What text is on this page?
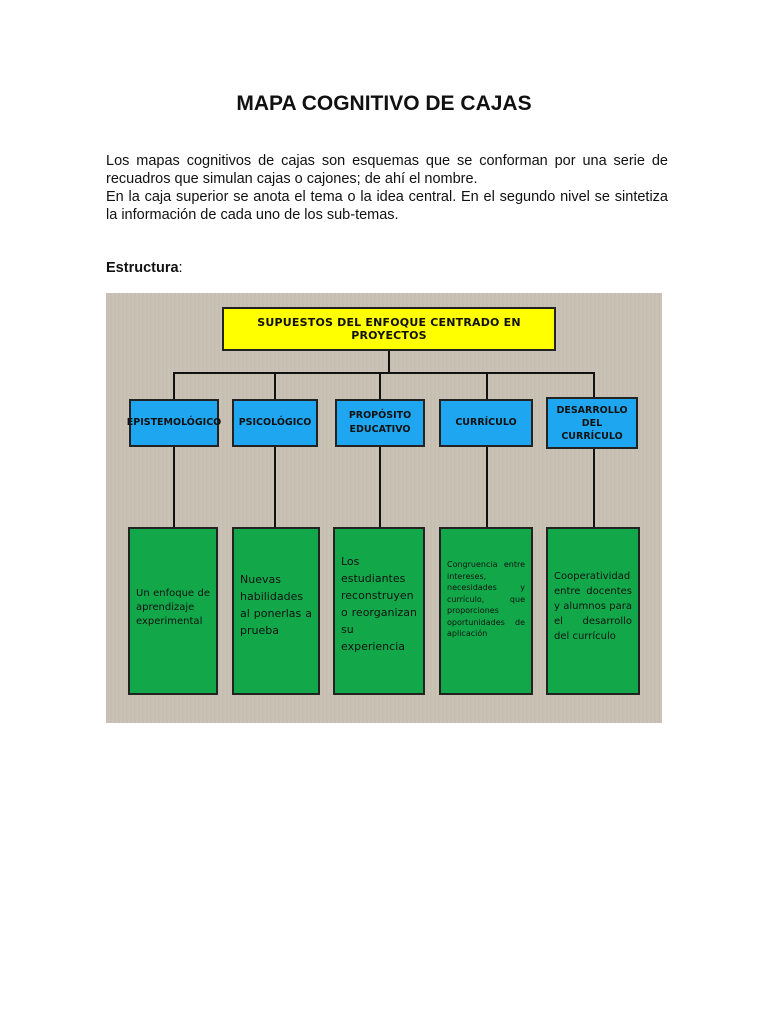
MAPA COGNITIVO DE CAJAS

Los mapas cognitivos de cajas son esquemas que se conforman por una serie de recuadros que simulan cajas o cajones; de ahí el nombre.

En la caja superior se anota el tema o la idea central. En el segundo nivel se sintetiza la información de cada uno de los sub-temas.

Estructura:
SUPUESTOS DEL ENFOQUE CENTRADO EN PROYECTOS
EPISTEMOLÓGICO	PSICOLÓGICO
PROPÓSITO EDUCATIVO
CURRÍCULO
DESARROLLO DEL CURRÍCULO
Un enfoque de aprendizaje experimental
Nuevas habilidades al ponerlas a prueba
Los estudiantes reconstruyen o reorganizan su experiencia
Congruencia entre intereses, necesidades y currículo, que proporciones oportunidades de aplicación
Cooperatividad entre docentes y alumnos para el desarrollo del currículo
